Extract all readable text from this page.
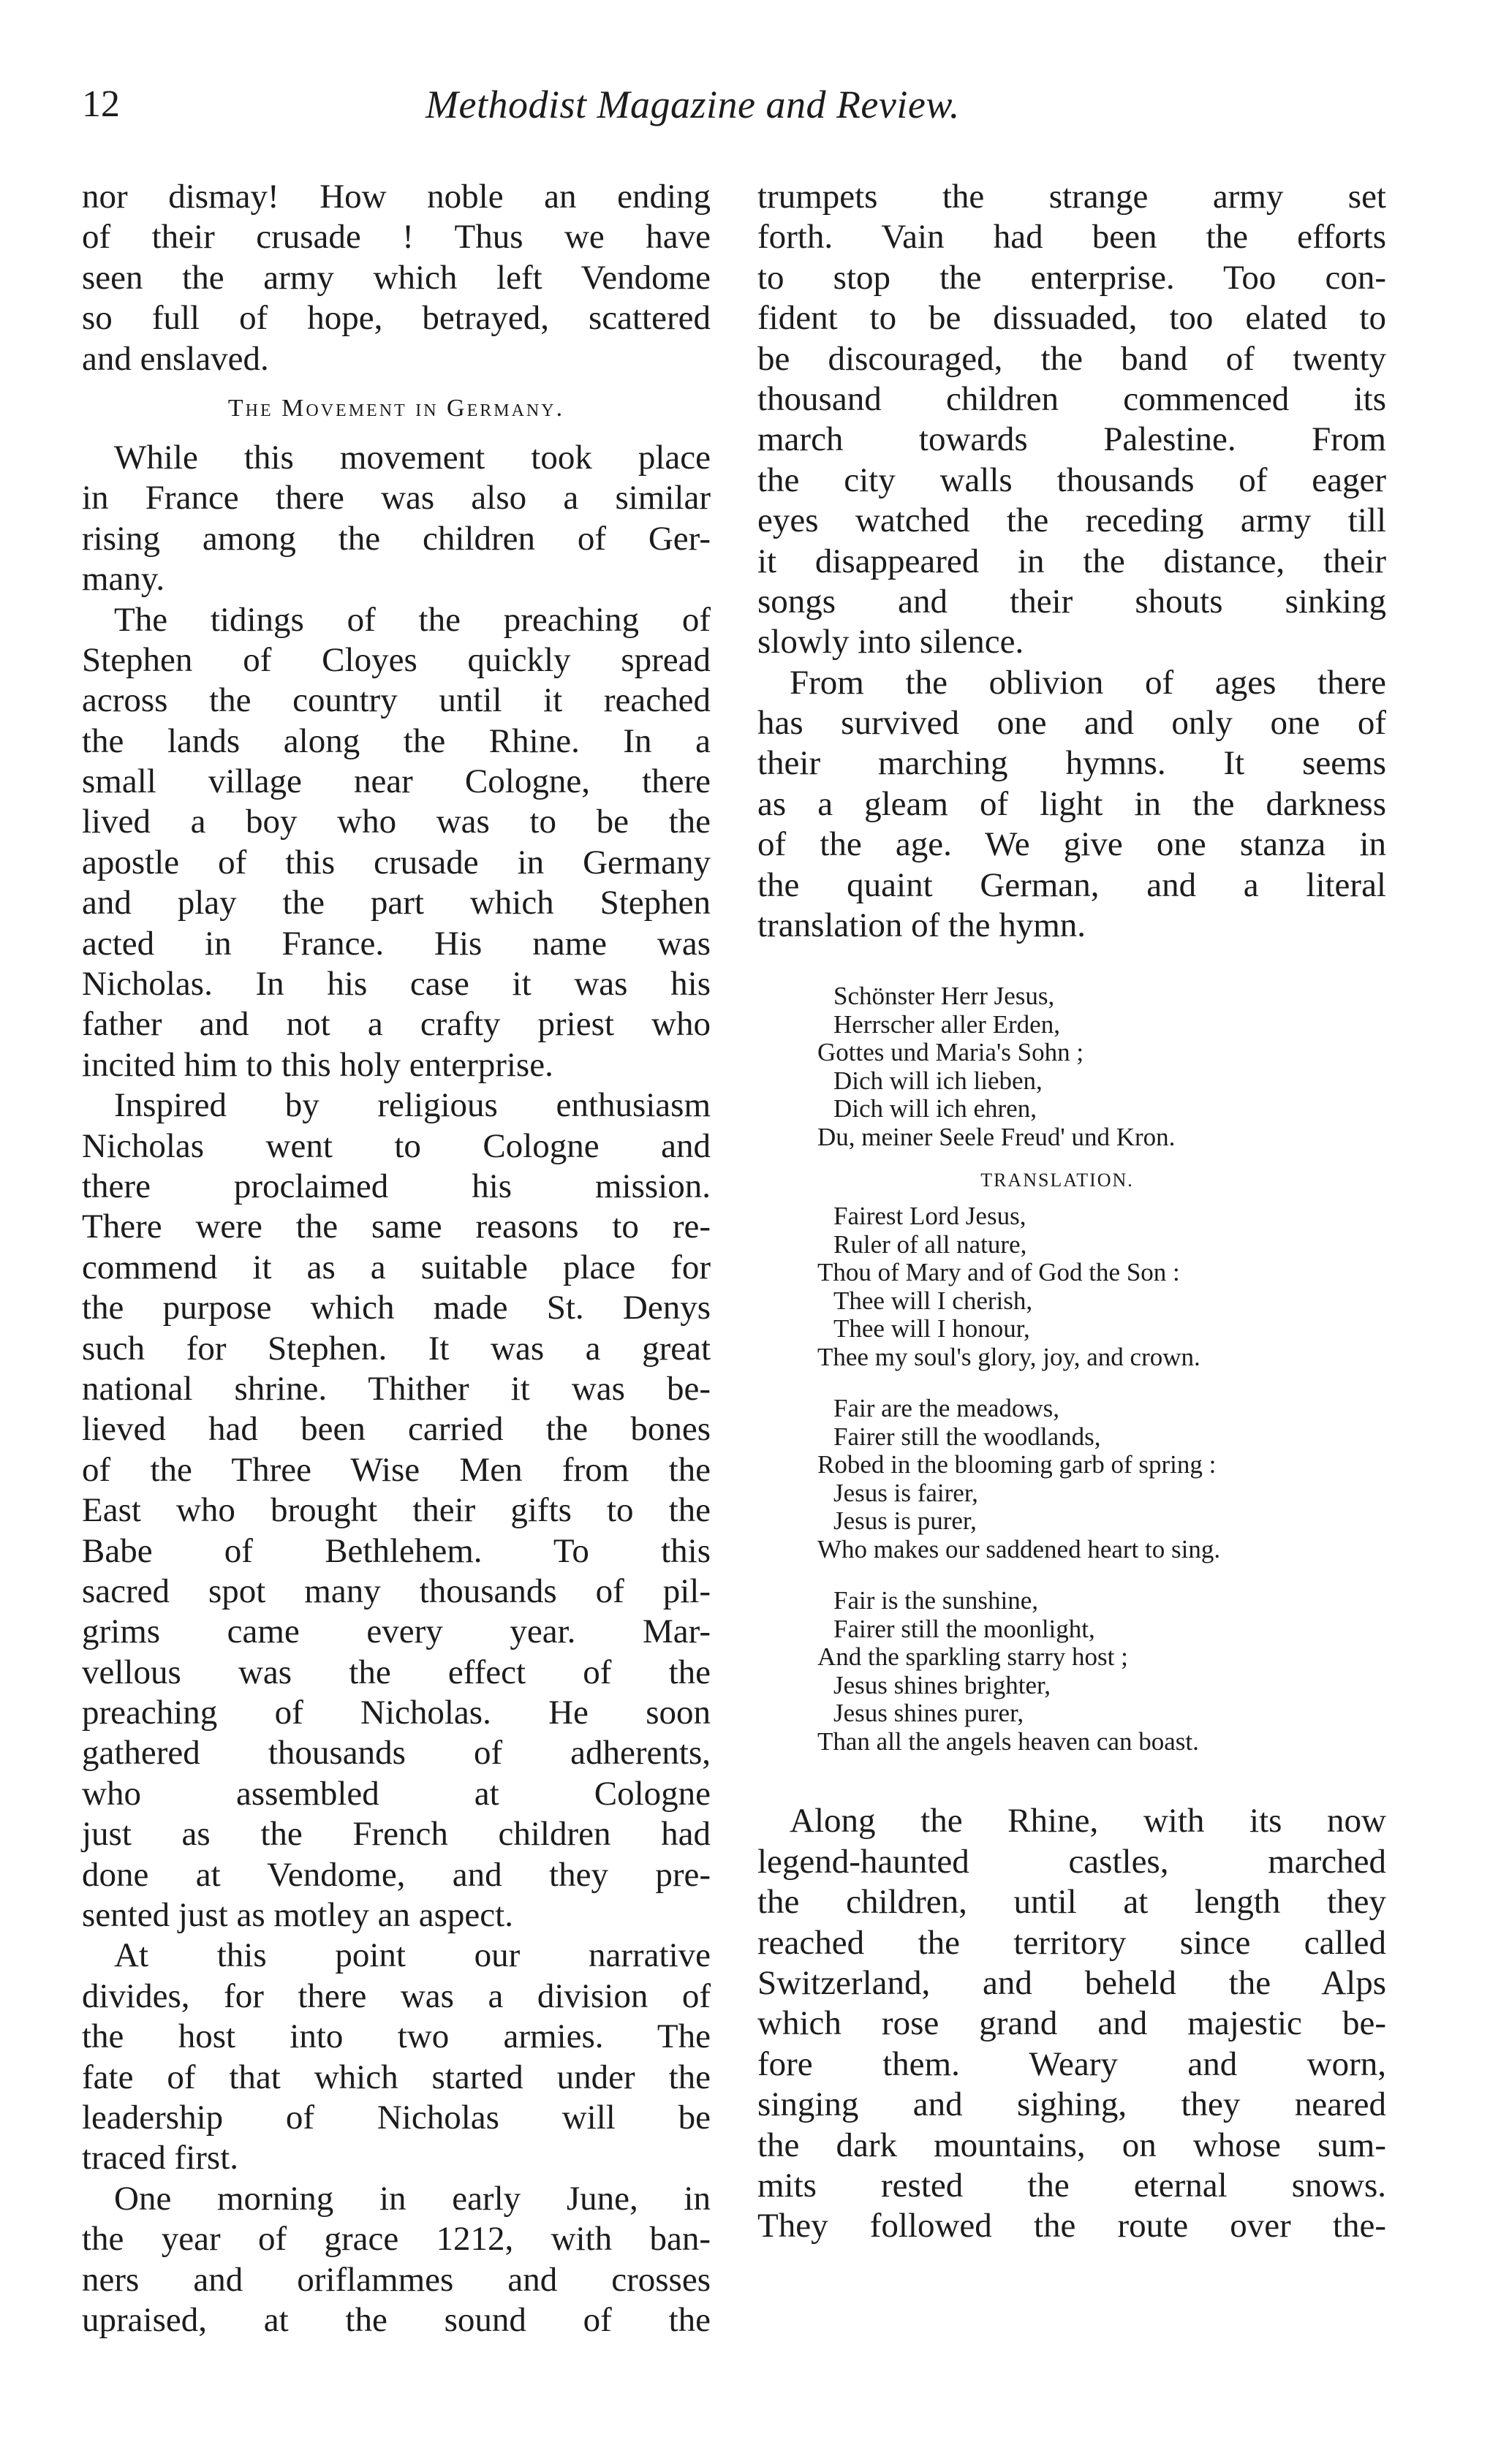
12	Methodist Magazine and Review.
nor dismay! How noble an ending
of their crusade ! Thus we have
seen the army which left Vendome
so full of hope, betrayed, scattered
and enslaved.
The Movement in Germany.
While this movement took place
in France there was also a similar
rising among the children of Ger-
many.
The tidings of the preaching of
Stephen of Cloyes quickly spread
across the country until it reached
the lands along the Rhine. In a
small village near Cologne, there
lived a boy who was to be the
apostle of this crusade in Germany
and play the part which Stephen
acted in France. His name was
Nicholas. In his case it was his
father and not a crafty priest who
incited him to this holy enterprise.
Inspired by religious enthusiasm
Nicholas went to Cologne and
there proclaimed his mission.
There were the same reasons to re-
commend it as a suitable place for
the purpose which made St. Denys
such for Stephen. It was a great
national shrine. Thither it was be-
lieved had been carried the bones
of the Three Wise Men from the
East who brought their gifts to the
Babe of Bethlehem. To this
sacred spot many thousands of pil-
grims came every year. Mar-
vellous was the effect of the
preaching of Nicholas. He soon
gathered thousands of adherents,
who assembled at Cologne
just as the French children had
done at Vendome, and they pre-
sented just as motley an aspect.
At this point our narrative
divides, for there was a division of
the host into two armies. The
fate of that which started under the
leadership of Nicholas will be
traced first.
One morning in early June, in
the year of grace 1212, with ban-
ners and oriflammes and crosses
upraised, at the sound of the
trumpets the strange army set
forth. Vain had been the efforts
to stop the enterprise. Too con-
fident to be dissuaded, too elated to
be discouraged, the band of twenty
thousand children commenced its
march towards Palestine. From
the city walls thousands of eager
eyes watched the receding army till
it disappeared in the distance, their
songs and their shouts sinking
slowly into silence.
From the oblivion of ages there
has survived one and only one of
their marching hymns. It seems
as a gleam of light in the darkness
of the age. We give one stanza in
the quaint German, and a literal
translation of the hymn.
Schönster Herr Jesus,
Herrscher aller Erden,
Gottes und Maria's Sohn ;
Dich will ich lieben,
Dich will ich ehren,
Du, meiner Seele Freud' und Kron.
TRANSLATION.
Fairest Lord Jesus,
Ruler of all nature,
Thou of Mary and of God the Son :
Thee will I cherish,
Thee will I honour,
Thee my soul's glory, joy, and crown.
Fair are the meadows,
Fairer still the woodlands,
Robed in the blooming garb of spring :
Jesus is fairer,
Jesus is purer,
Who makes our saddened heart to sing.
Fair is the sunshine,
Fairer still the moonlight,
And the sparkling starry host ;
Jesus shines brighter,
Jesus shines purer,
Than all the angels heaven can boast.
Along the Rhine, with its now
legend-haunted castles, marched
the children, until at length they
reached the territory since called
Switzerland, and beheld the Alps
which rose grand and majestic be-
fore them. Weary and worn,
singing and sighing, they neared
the dark mountains, on whose sum-
mits rested the eternal snows.
They followed the route over the-
